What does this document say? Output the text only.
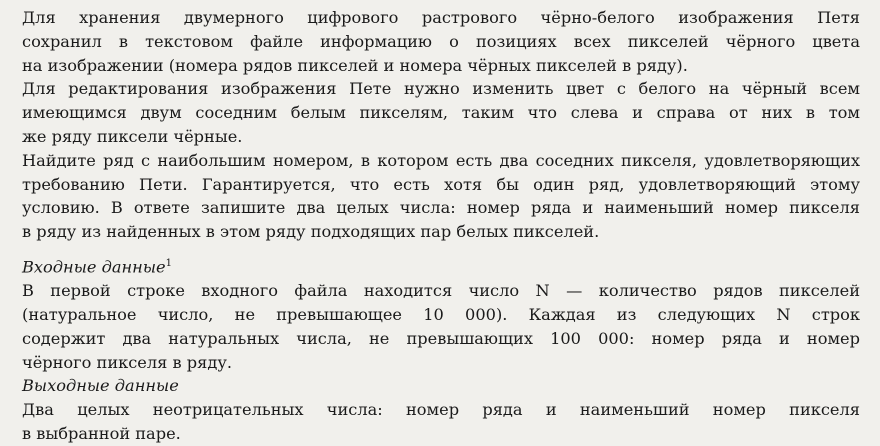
Для хранения двумерного цифрового растрового чёрно-белого изображения Петя
сохранил в текстовом файле информацию о позициях всех пикселей чёрного цвета
на изображении (номера рядов пикселей и номера чёрных пикселей в ряду).
Для редактирования изображения Пете нужно изменить цвет с белого на чёрный всем
имеющимся двум соседним белым пикселям, таким что слева и справа от них в том
же ряду пиксели чёрные.
Найдите ряд с наибольшим номером, в котором есть два соседних пикселя, удовлетворяющих
требованию Пети. Гарантируется, что есть хотя бы один ряд, удовлетворяющий этому
условию. В ответе запишите два целых числа: номер ряда и наименьший номер пикселя
в ряду из найденных в этом ряду подходящих пар белых пикселей.
Входные данные$^1$
В первой строке входного файла находится число N — количество рядов пикселей
(натуральное число, не превышающее 10 000). Каждая из следующих N строк
содержит два натуральных числа, не превышающих 100 000: номер ряда и номер
чёрного пикселя в ряду.
Выходные данные
Два целых неотрицательных числа: номер ряда и наименьший номер пикселя
в выбранной паре.
